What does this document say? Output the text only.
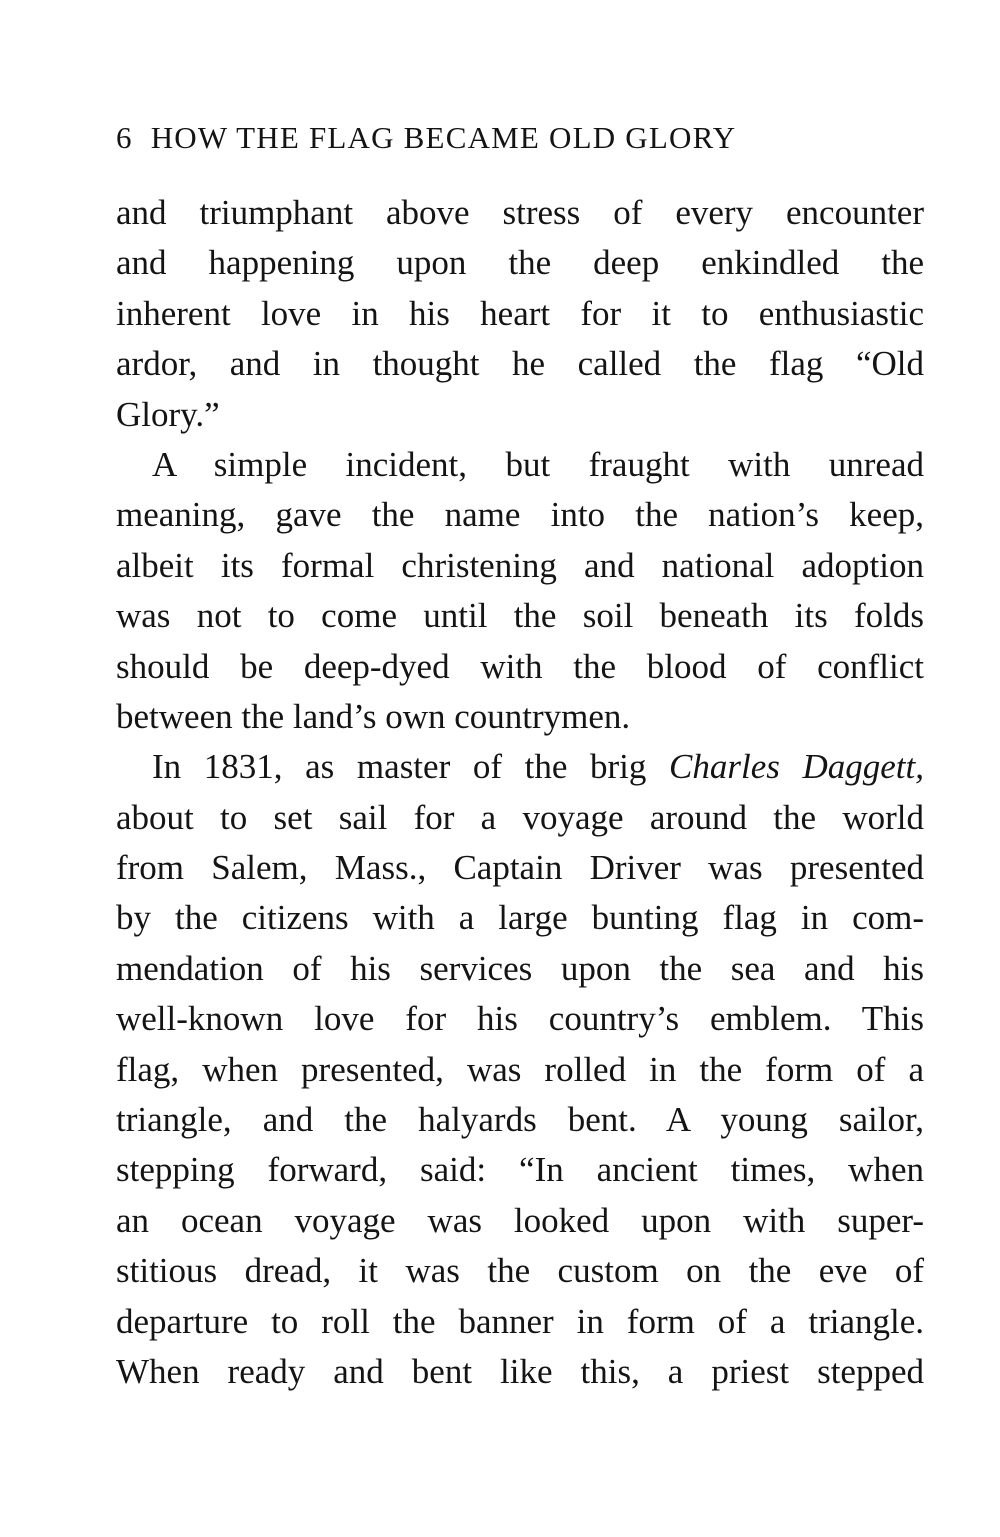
6 HOW THE FLAG BECAME OLD GLORY
and triumphant above stress of every encounter
and happening upon the deep enkindled the
inherent love in his heart for it to enthusiastic
ardor, and in thought he called the flag “Old
Glory.”
A simple incident, but fraught with unread
meaning, gave the name into the nation’s keep,
albeit its formal christening and national adoption
was not to come until the soil beneath its folds
should be deep-dyed with the blood of conflict
between the land’s own countrymen.
In 1831, as master of the brig Charles Daggett,
about to set sail for a voyage around the world
from Salem, Mass., Captain Driver was presented
by the citizens with a large bunting flag in com-
mendation of his services upon the sea and his
well-known love for his country’s emblem. This
flag, when presented, was rolled in the form of a
triangle, and the halyards bent. A young sailor,
stepping forward, said: “In ancient times, when
an ocean voyage was looked upon with super-
stitious dread, it was the custom on the eve of
departure to roll the banner in form of a triangle.
When ready and bent like this, a priest stepped
